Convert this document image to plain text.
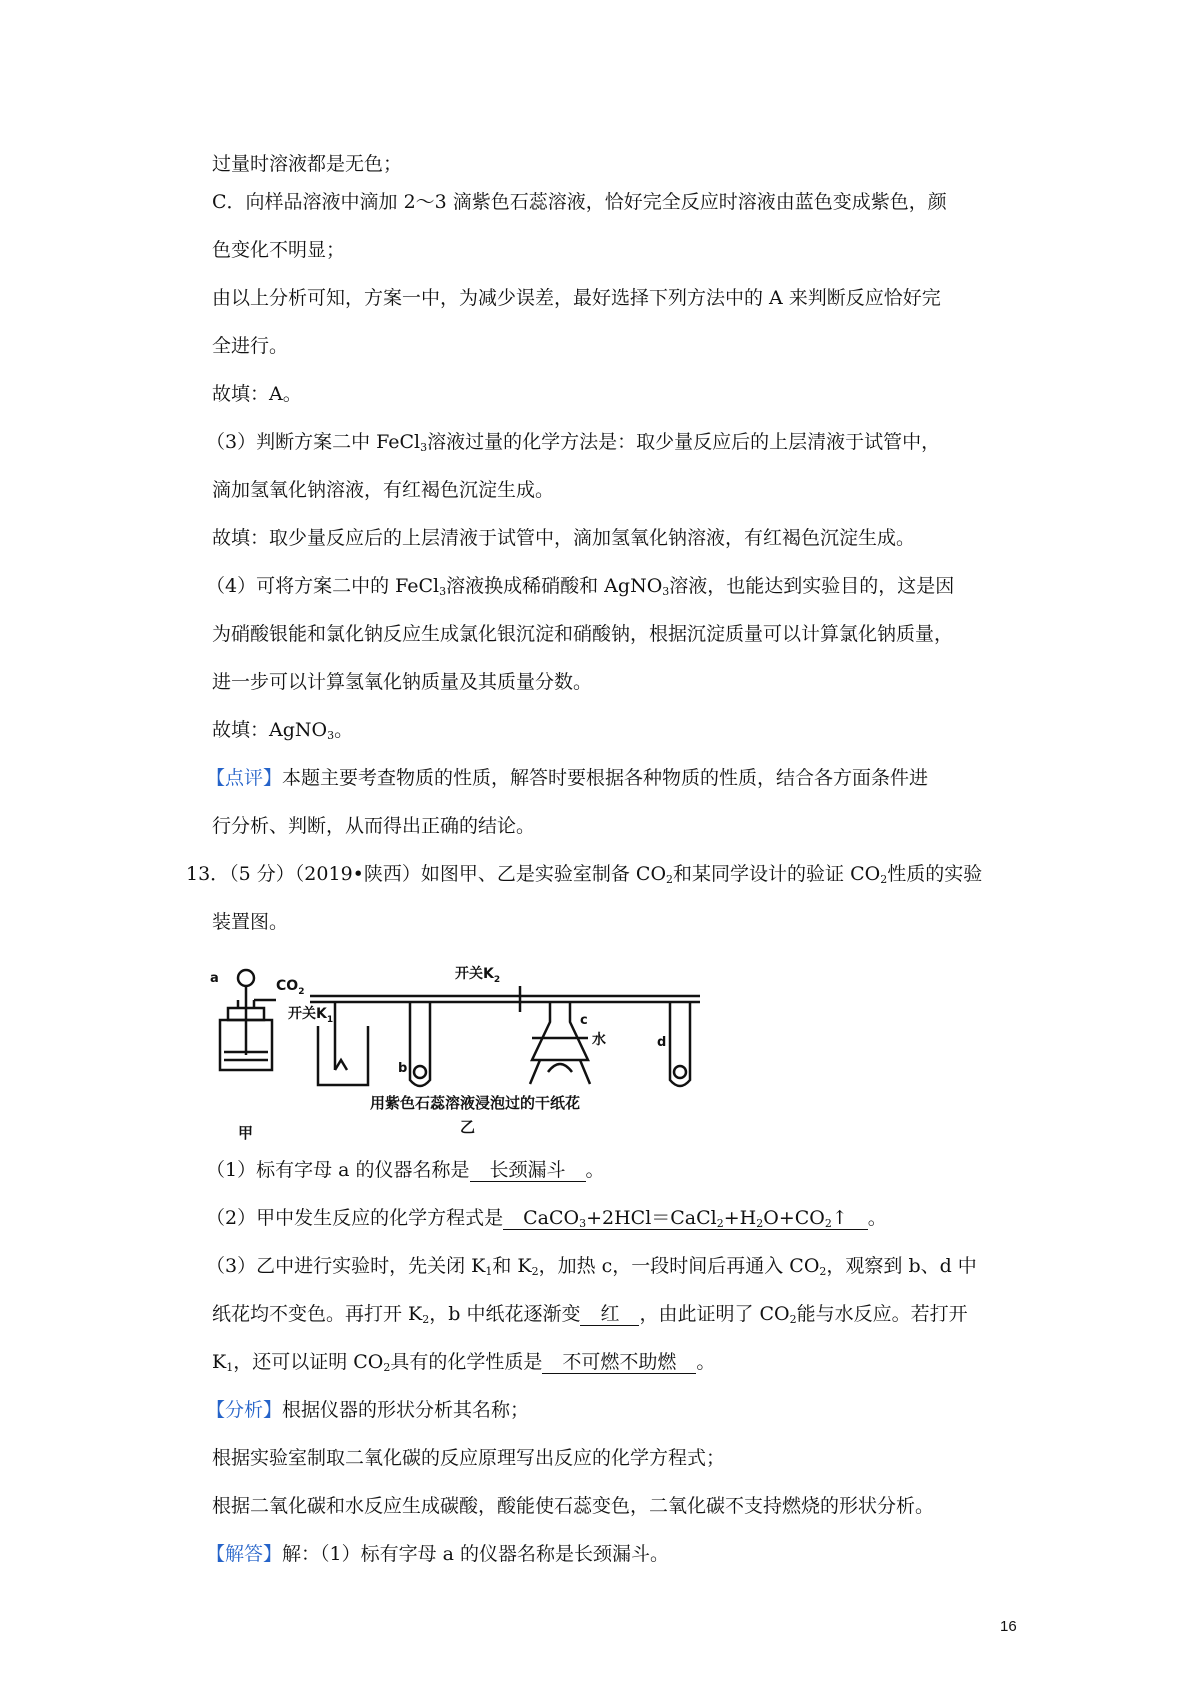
过量时溶液都是无色；
C．向样品溶液中滴加 2～3 滴紫色石蕊溶液，恰好完全反应时溶液由蓝色变成紫色，颜
色变化不明显；
由以上分析可知，方案一中，为减少误差，最好选择下列方法中的 A 来判断反应恰好完
全进行。
故填：A。
（3）判断方案二中 FeCl$_3$溶液过量的化学方法是：取少量反应后的上层清液于试管中，
滴加氢氧化钠溶液，有红褐色沉淀生成。
故填：取少量反应后的上层清液于试管中，滴加氢氧化钠溶液，有红褐色沉淀生成。
（4）可将方案二中的 FeCl$_3$溶液换成稀硝酸和 AgNO$_3$溶液，也能达到实验目的，这是因
为硝酸银能和氯化钠反应生成氯化银沉淀和硝酸钠，根据沉淀质量可以计算氯化钠质量，
进一步可以计算氢氧化钠质量及其质量分数。
故填：AgNO$_3$。
【点评】本题主要考查物质的性质，解答时要根据各种物质的性质，结合各方面条件进
行分析、判断，从而得出正确的结论。
13．（5 分）（2019•陕西）如图甲、乙是实验室制备 $CO_2$和某同学设计的验证 $CO_2$性质的实验
装置图。
a	$CO_2$
开关$K_1$
开关$K_2$
b
c
水	d
用紫色石蕊溶液浸泡过的干纸花
乙
甲
（1）标有字母 a 的仪器名称是 长颈漏斗 。
（2）甲中发生反应的化学方程式是 $CaCO_3+2HCl=CaCl_2+H_2O+CO_2↑$ 。
（3）乙中进行实验时，先关闭 $K_1$和 $K_2$，加热 c，一段时间后再通入 $CO_2$，观察到 b、d 中
纸花均不变色。再打开 $K_2$，b 中纸花逐渐变 红 ，由此证明了 $CO_2$能与水反应。若打开
$K_1$，还可以证明 $CO_2$具有的化学性质是 不可燃不助燃 。
【分析】根据仪器的形状分析其名称；
根据实验室制取二氧化碳的反应原理写出反应的化学方程式；
根据二氧化碳和水反应生成碳酸，酸能使石蕊变色，二氧化碳不支持燃烧的形状分析。
【解答】解：（1）标有字母 a 的仪器名称是长颈漏斗。
16
